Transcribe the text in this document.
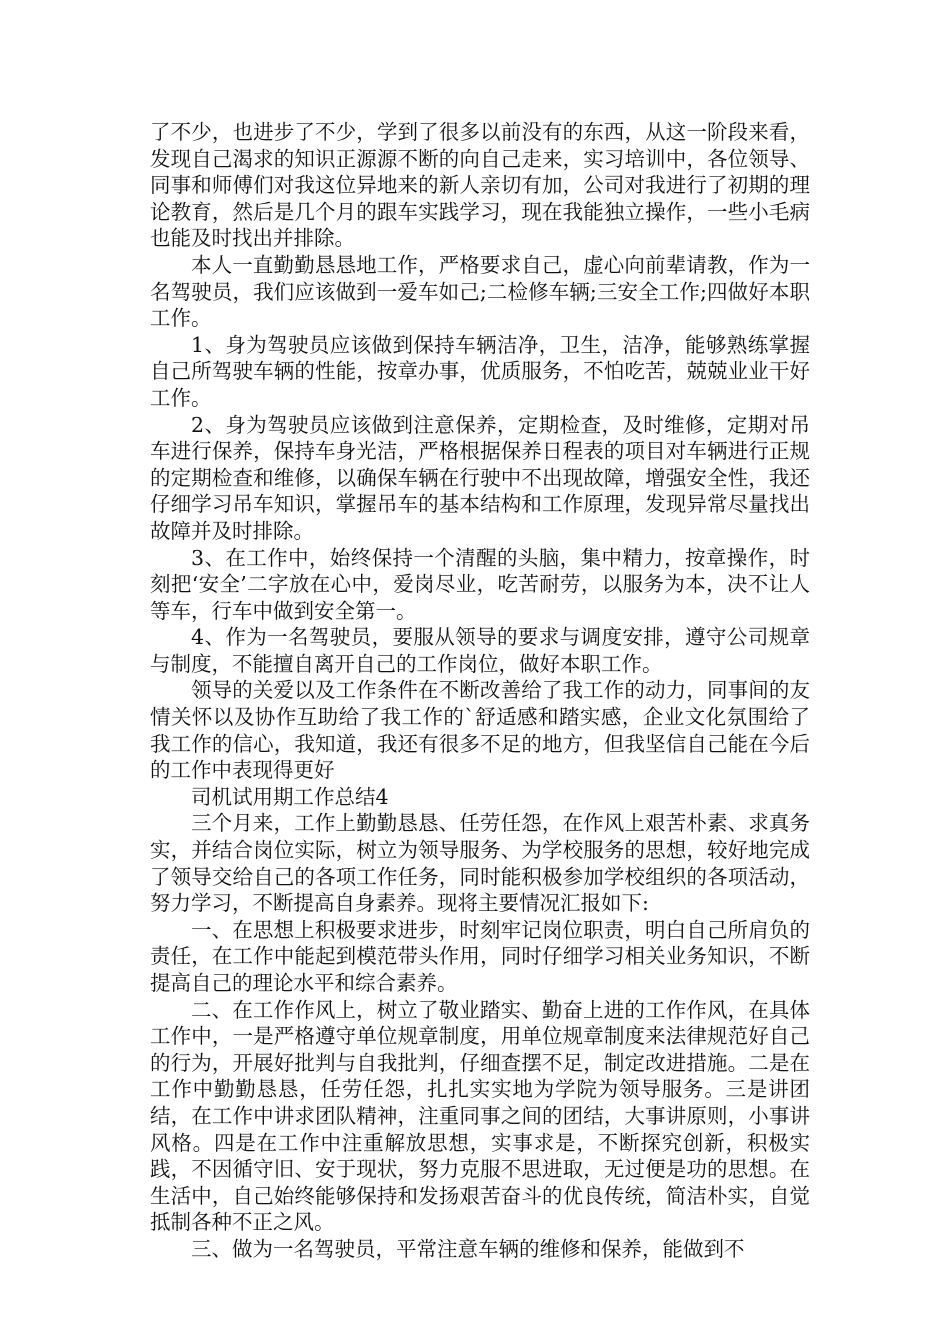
了不少，也进步了不少，学到了很多以前没有的东西，从这一阶段来看，发现自己渴求的知识正源源不断的向自己走来，实习培训中，各位领导、同事和师傅们对我这位异地来的新人亲切有加，公司对我进行了初期的理论教育，然后是几个月的跟车实践学习，现在我能独立操作，一些小毛病也能及时找出并排除。

本人一直勤勤恳恳地工作，严格要求自己，虚心向前辈请教，作为一名驾驶员，我们应该做到一爱车如己;二检修车辆;三安全工作;四做好本职工作。

1、身为驾驶员应该做到保持车辆洁净，卫生，洁净，能够熟练掌握自己所驾驶车辆的性能，按章办事，优质服务，不怕吃苦，兢兢业业干好工作。

2、身为驾驶员应该做到注意保养，定期检查，及时维修，定期对吊车进行保养，保持车身光洁，严格根据保养日程表的项目对车辆进行正规的定期检查和维修，以确保车辆在行驶中不出现故障，增强安全性，我还仔细学习吊车知识，掌握吊车的基本结构和工作原理，发现异常尽量找出故障并及时排除。

3、在工作中，始终保持一个清醒的头脑，集中精力，按章操作，时刻把‘安全’二字放在心中，爱岗尽业，吃苦耐劳，以服务为本，决不让人等车，行车中做到安全第一。

4、作为一名驾驶员，要服从领导的要求与调度安排，遵守公司规章与制度，不能擅自离开自己的工作岗位，做好本职工作。

领导的关爱以及工作条件在不断改善给了我工作的动力，同事间的友情关怀以及协作互助给了我工作的`舒适感和踏实感，企业文化氛围给了我工作的信心，我知道，我还有很多不足的地方，但我坚信自己能在今后的工作中表现得更好

司机试用期工作总结4

三个月来，工作上勤勤恳恳、任劳任怨，在作风上艰苦朴素、求真务实，并结合岗位实际，树立为领导服务、为学校服务的思想，较好地完成了领导交给自己的各项工作任务，同时能积极参加学校组织的各项活动，努力学习，不断提高自身素养。现将主要情况汇报如下:

一、在思想上积极要求进步，时刻牢记岗位职责，明白自己所肩负的责任，在工作中能起到模范带头作用，同时仔细学习相关业务知识，不断提高自己的理论水平和综合素养。

二、在工作作风上，树立了敬业踏实、勤奋上进的工作作风，在具体工作中，一是严格遵守单位规章制度，用单位规章制度来法律规范好自己的行为，开展好批判与自我批判，仔细查摆不足，制定改进措施。二是在工作中勤勤恳恳，任劳任怨，扎扎实实地为学院为领导服务。三是讲团结，在工作中讲求团队精神，注重同事之间的团结，大事讲原则，小事讲风格。四是在工作中注重解放思想，实事求是，不断探究创新，积极实践，不因循守旧、安于现状，努力克服不思进取，无过便是功的思想。在生活中，自己始终能够保持和发扬艰苦奋斗的优良传统，简洁朴实，自觉抵制各种不正之风。

三、做为一名驾驶员，平常注意车辆的维修和保养，能做到不
